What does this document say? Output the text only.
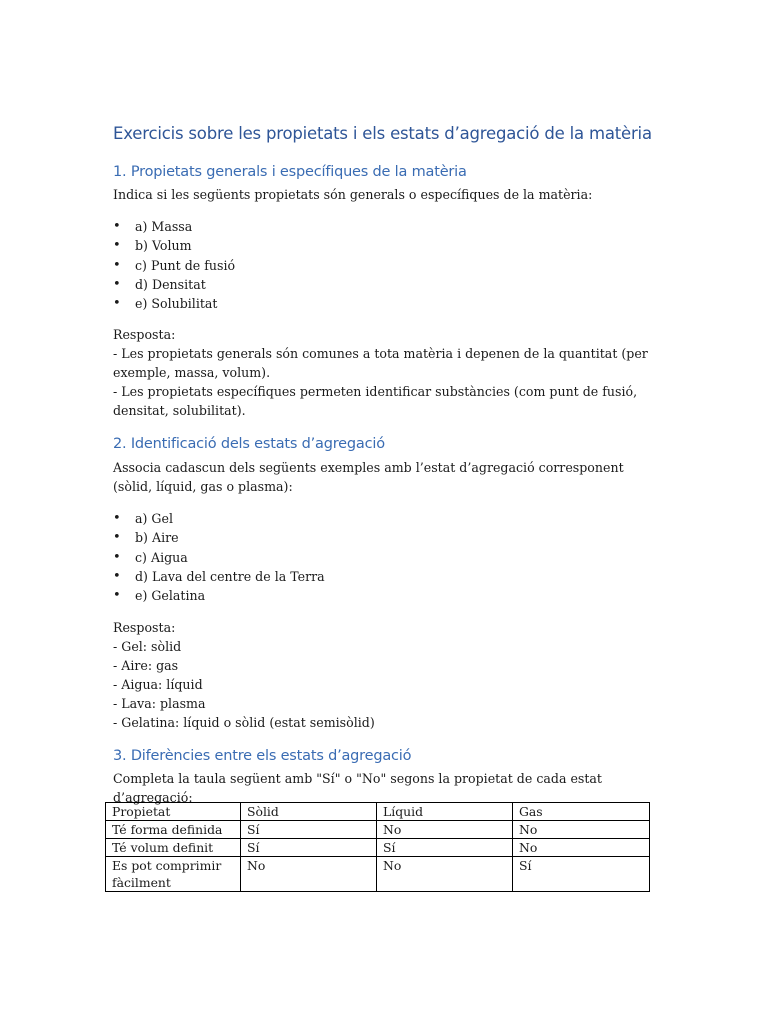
Exercicis sobre les propietats i els estats d’agregació de la matèria
1. Propietats generals i específiques de la matèria
Indica si les següents propietats són generals o específiques de la matèria:
• a) Massa
• b) Volum
• c) Punt de fusió
• d) Densitat
• e) Solubilitat
Resposta:
- Les propietats generals són comunes a tota matèria i depenen de la quantitat (per exemple, massa, volum).
- Les propietats específiques permeten identificar substàncies (com punt de fusió, densitat, solubilitat).
2. Identificació dels estats d’agregació
Associa cadascun dels següents exemples amb l’estat d’agregació corresponent (sòlid, líquid, gas o plasma):
• a) Gel
• b) Aire
• c) Aigua
• d) Lava del centre de la Terra
• e) Gelatina
Resposta:
- Gel: sòlid
- Aire: gas
- Aigua: líquid
- Lava: plasma
- Gelatina: líquid o sòlid (estat semisòlid)
3. Diferències entre els estats d’agregació
Completa la taula següent amb "Sí" o "No" segons la propietat de cada estat d’agregació:
Propietat	Sòlid	Líquid	Gas
Té forma definida	Sí	No	No
Té volum definit	Sí	Sí	No
Es pot comprimir fàcilment	No	No	Sí
